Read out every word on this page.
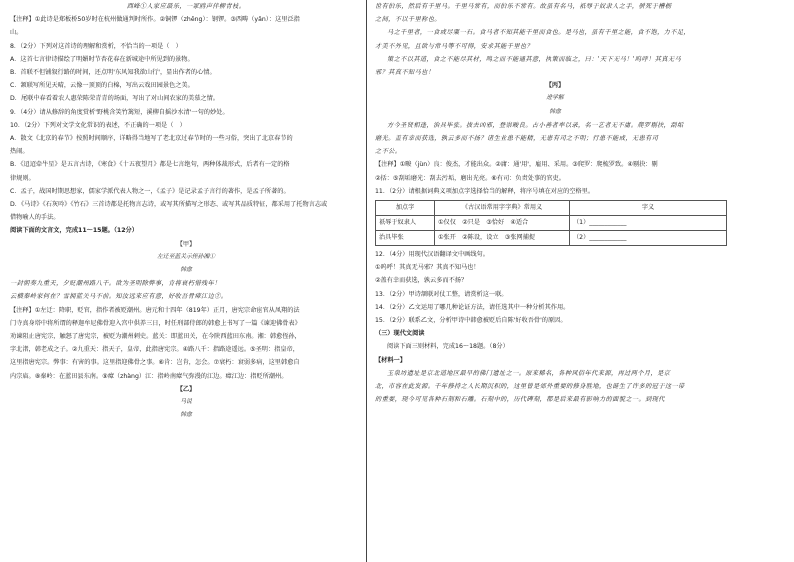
西峰①人家应最乐，一冢鸥声伴柳青枝。

【注释】①此诗是郑板桥50岁时在杭州做通判时所作。②铜锣（zhēng）：钢锣。③西畴（yǎn）：这里泛指

山。

8．（2分）下列对这首诗的理解和赏析，不恰当的一项是（　）

A．这首七言律诗描绘了明媚时节杏花春在新城途中所见到的景物。

B．首联不但铺叙行路的时间，还点明'东风知我欲山行'，显出作者的心情。

C．颔联写所见天晴，云像一顶顶的白棉，写出云戏田园景色之美。

D．尾联中春看着农人惠荣陈荣青青的场面，写出了对山间农家的美慕之情。

9．（4分）请从修辞的角度赏析'野桃含笑竹篱短，溪柳自摇沙水清'一句的妙处。

10．（2分）下列对文学文化常识的表述，不正确的一项是（　）

A．散文《北京的春节》按照时间顺序，详略得当地写了老北京过春节时的一些习俗，突出了北京春节的

热闹。

B．《迢迢牵牛星》是五言古诗，《寒食》《十五夜望月》都是七言绝句，两种体裁形式，后者有一定的格

律规则。

C．孟子，战国时期思想家，儒家学派代表人物之一，《孟子》是记录孟子言行的著作，是孟子所著的。

D．《马诗》《石灰吟》《竹石》三首诗都是托物言志诗，或写其所描写之形态、或写其品质特征，都采用了托物言志或

借物喻人的手法。

阅读下面的文言文，完成11～15题。（12分）

【甲】

左迁至蓝关示侄孙湘①

韩愈

一封朝奏九重天，夕贬潮州路八千。欲为圣明除弊事，肯将衰朽惜残年！

云横秦岭家何在？雪拥蓝关马不前。知汝远来应有意，好收吾骨瘴江边②。

【注释】①左迁：降职，贬官，指作者被贬潮州。唐元和十四年（819年）正月，唐宪宗命宦官从凤翔的法

门寺真身塔中将所谓的释迦牟尼佛骨迎入宫中供养三日，时任刑部侍郎的韩愈上书写了一篇《谏迎佛骨表》

劝谏阻止唐宪宗，触怒了唐宪宗，被贬为潮州刺史。蓝关：即蓝田关，在今陕西蓝田东南。湘：韩愈侄孙，

字北渚，韩老成之子。②九重天：指天子，皇帝，此指唐宪宗。④路八千：指路途遥远。⑤圣明：指皇帝，

这里指唐宪宗。弊事：有害的事。这里指迎佛骨之事。⑥肯：岂肯，怎会。⑦衰朽：衰弱多病，这里韩愈自

内宗庙。⑧秦岭：在蓝田县东南。⑨瘴（zhàng）江：指岭南瘴气弥漫的江边。瘴江边：指贬所潮州。

【乙】

马说

韩愈

世有伯乐，然后有千里马。千里马常有，而伯乐不常有。故虽有名马，祇辱于奴隶人之手，骈死于槽枥

之间，不以千里称也。

马之千里者，一食或尽粟一石。食马者不知其能千里而食也。是马也，虽有千里之能，食不饱，力不足，

才美不外见，且欲与常马等不可得，安求其能千里也？

策之不以其道，食之不能尽其材，鸣之而不能通其意，执策而临之，曰：'天下无马！'呜呼！其真无马

邪？其真不知马也！

【丙】

进学解

韩愈

方今圣贤相逢，治具毕张。拔去凶邪，登崇畯良。占小善者率以录，名一艺者无不庸。爬罗剔抉，刮垢

磨光。盖有幸而获选，孰云多而不扬？诸生业患不能精，无患有司之不明；行患不能成，无患有司

之不公。

【注释】①畯（jùn）良：俊杰，才能出众。②庸：通'用'，雇用、采用。③爬罗：爬梳罗致。④剔抉：剔

②括：⑤刮垢磨光：刮去污垢，磨出光亮。⑥有司：负责处事的官吏。

11．（2分）请根据词典义项加点字选择恰当的解释，将序号填在对应的空格里。

加点字	《古汉语常用字字典》常用义	字义
祇辱于奴隶人	①仅仅　②只是　③恰好　④适合	（1）____________
治具毕张	①张开　②陈设，设立　③张网捕捉	（2）____________

12．（4分）用现代汉语翻译文中画线句。

①呜呼！其真无马邪？其真不知马也！

②盖有幸而获选，孰云多而不扬？

13．（2分）甲诗颔联对仗工整，请赏析这一联。

14．（2分）乙文运用了哪几种论证方法，请任选其中一种分析其作用。

15．（2分）联系乙文，分析甲诗中韩愈被贬后自陈'好收吾骨'的原因。

（三）现代文阅读

阅读下面三则材料，完成16～18题。（8分）

【材料一】

玉泉坊遗址是京北道地区最早的佛门遗址之一。原来稀名，各种风俗年代来源，再过两个月，是京

北，市容在此发源。千年修持之人长期沉积的，这里曾是郊外重要的修身胜地，也诞生了许多的冠于这一带

的重要，现今可见各种石刻和石雕。石刻中的，历代碑刻，都是后来最有影响力的面貌之一。到现代
